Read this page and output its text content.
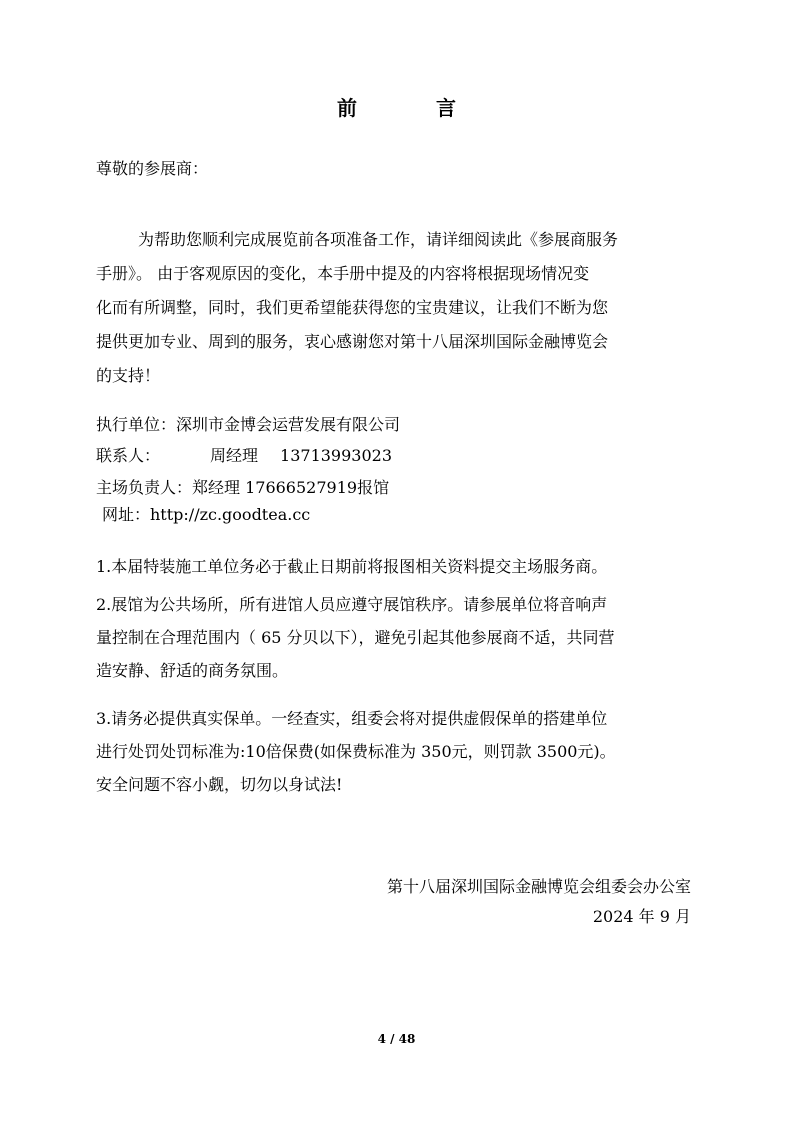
前 言
尊敬的参展商：
为帮助您顺利完成展览前各项准备工作，请详细阅读此《参展商服务
手册》。 由于客观原因的变化，本手册中提及的内容将根据现场情况变
化而有所调整，同时，我们更希望能获得您的宝贵建议，让我们不断为您
提供更加专业、周到的服务，衷心感谢您对第十八届深圳国际金融博览会
的支持！
执行单位：深圳市金博会运营发展有限公司
联系人：	周经理 13713993023
主场负责人：郑经理 17666527919报馆
网址：http://zc.goodtea.cc
1.本届特装施工单位务必于截止日期前将报图相关资料提交主场服务商。
2.展馆为公共场所，所有进馆人员应遵守展馆秩序。请参展单位将音响声
量控制在合理范围内（ 65 分贝以下），避免引起其他参展商不适，共同营
造安静、舒适的商务氛围。
3.请务必提供真实保单。一经查实，组委会将对提供虚假保单的搭建单位
进行处罚处罚标准为:10倍保费(如保费标准为 350元，则罚款 3500元)。
安全问题不容小觑，切勿以身试法!
第十八届深圳国际金融博览会组委会办公室
2024 年 9 月
4 / 48
